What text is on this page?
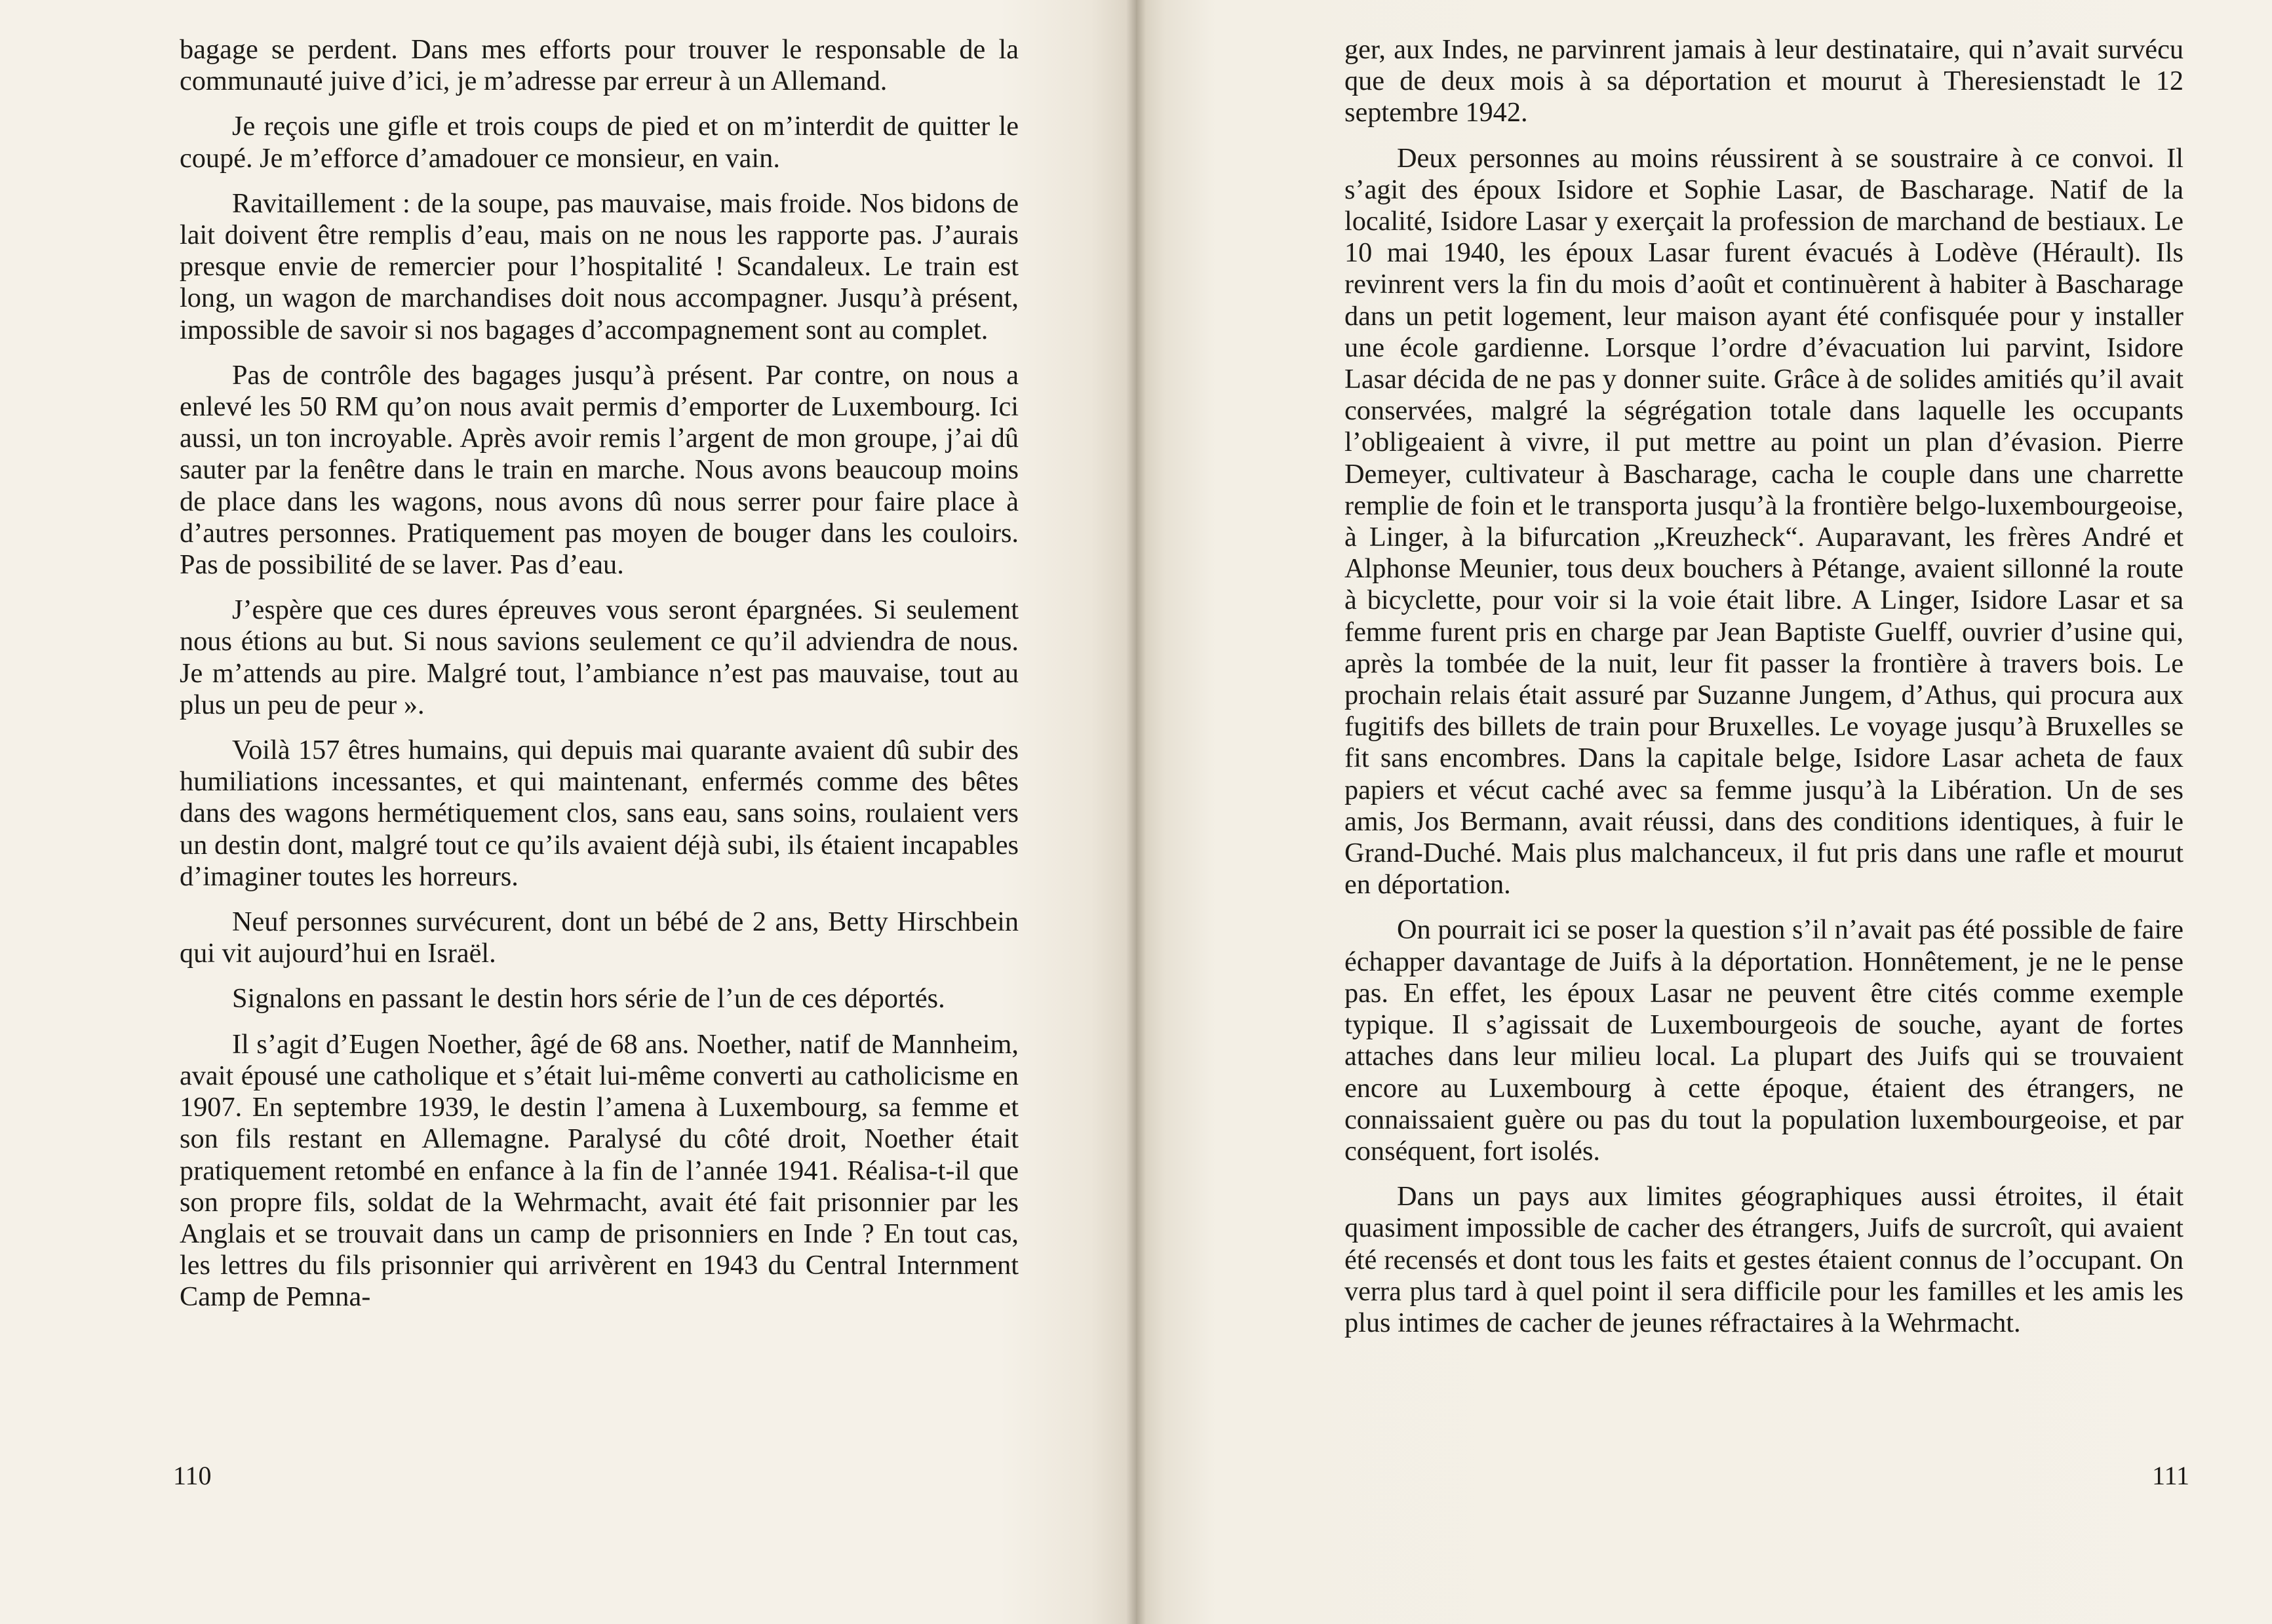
bagage se perdent. Dans mes efforts pour trouver le responsable de la communauté juive d’ici, je m’adresse par erreur à un Allemand.

Je reçois une gifle et trois coups de pied et on m’interdit de quitter le coupé. Je m’efforce d’amadouer ce monsieur, en vain.

Ravitaillement : de la soupe, pas mauvaise, mais froide. Nos bidons de lait doivent être remplis d’eau, mais on ne nous les rapporte pas. J’aurais presque envie de remercier pour l’hospitalité ! Scandaleux. Le train est long, un wagon de marchandises doit nous accompagner. Jusqu’à présent, impossible de savoir si nos bagages d’accompagnement sont au complet.

Pas de contrôle des bagages jusqu’à présent. Par contre, on nous a enlevé les 50 RM qu’on nous avait permis d’emporter de Luxembourg. Ici aussi, un ton incroyable. Après avoir remis l’argent de mon groupe, j’ai dû sauter par la fenêtre dans le train en marche. Nous avons beaucoup moins de place dans les wagons, nous avons dû nous serrer pour faire place à d’autres personnes. Pratiquement pas moyen de bouger dans les couloirs. Pas de possibilité de se laver. Pas d’eau.

J’espère que ces dures épreuves vous seront épargnées. Si seulement nous étions au but. Si nous savions seulement ce qu’il adviendra de nous. Je m’attends au pire. Malgré tout, l’ambiance n’est pas mauvaise, tout au plus un peu de peur ».

Voilà 157 êtres humains, qui depuis mai quarante avaient dû subir des humiliations incessantes, et qui maintenant, enfermés comme des bêtes dans des wagons hermétiquement clos, sans eau, sans soins, roulaient vers un destin dont, malgré tout ce qu’ils avaient déjà subi, ils étaient incapables d’imaginer toutes les horreurs.

Neuf personnes survécurent, dont un bébé de 2 ans, Betty Hirschbein qui vit aujourd’hui en Israël.

Signalons en passant le destin hors série de l’un de ces déportés.

Il s’agit d’Eugen Noether, âgé de 68 ans. Noether, natif de Mannheim, avait épousé une catholique et s’était lui-même converti au catholicisme en 1907. En septembre 1939, le destin l’amena à Luxembourg, sa femme et son fils restant en Allemagne. Paralysé du côté droit, Noether était pratiquement retombé en enfance à la fin de l’année 1941. Réalisa-t-il que son propre fils, soldat de la Wehrmacht, avait été fait prisonnier par les Anglais et se trouvait dans un camp de prisonniers en Inde ? En tout cas, les lettres du fils prisonnier qui arrivèrent en 1943 du Central Internment Camp de Pemna-

110

ger, aux Indes, ne parvinrent jamais à leur destinataire, qui n’avait survécu que de deux mois à sa déportation et mourut à Theresienstadt le 12 septembre 1942.

Deux personnes au moins réussirent à se soustraire à ce convoi. Il s’agit des époux Isidore et Sophie Lasar, de Bascharage. Natif de la localité, Isidore Lasar y exerçait la profession de marchand de bestiaux. Le 10 mai 1940, les époux Lasar furent évacués à Lodève (Hérault). Ils revinrent vers la fin du mois d’août et continuèrent à habiter à Bascharage dans un petit logement, leur maison ayant été confisquée pour y installer une école gardienne. Lorsque l’ordre d’évacuation lui parvint, Isidore Lasar décida de ne pas y donner suite. Grâce à de solides amitiés qu’il avait conservées, malgré la ségrégation totale dans laquelle les occupants l’obligeaient à vivre, il put mettre au point un plan d’évasion. Pierre Demeyer, cultivateur à Bascharage, cacha le couple dans une charrette remplie de foin et le transporta jusqu’à la frontière belgo-luxembourgeoise, à Linger, à la bifurcation „Kreuzheck“. Auparavant, les frères André et Alphonse Meunier, tous deux bouchers à Pétange, avaient sillonné la route à bicyclette, pour voir si la voie était libre. A Linger, Isidore Lasar et sa femme furent pris en charge par Jean Baptiste Guelff, ouvrier d’usine qui, après la tombée de la nuit, leur fit passer la frontière à travers bois. Le prochain relais était assuré par Suzanne Jungem, d’Athus, qui procura aux fugitifs des billets de train pour Bruxelles. Le voyage jusqu’à Bruxelles se fit sans encombres. Dans la capitale belge, Isidore Lasar acheta de faux papiers et vécut caché avec sa femme jusqu’à la Libération. Un de ses amis, Jos Bermann, avait réussi, dans des conditions identiques, à fuir le Grand-Duché. Mais plus malchanceux, il fut pris dans une rafle et mourut en déportation.

On pourrait ici se poser la question s’il n’avait pas été possible de faire échapper davantage de Juifs à la déportation. Honnêtement, je ne le pense pas. En effet, les époux Lasar ne peuvent être cités comme exemple typique. Il s’agissait de Luxembourgeois de souche, ayant de fortes attaches dans leur milieu local. La plupart des Juifs qui se trouvaient encore au Luxembourg à cette époque, étaient des étrangers, ne connaissaient guère ou pas du tout la population luxembourgeoise, et par conséquent, fort isolés.

Dans un pays aux limites géographiques aussi étroites, il était quasiment impossible de cacher des étrangers, Juifs de surcroît, qui avaient été recensés et dont tous les faits et gestes étaient connus de l’occupant. On verra plus tard à quel point il sera difficile pour les familles et les amis les plus intimes de cacher de jeunes réfractaires à la Wehrmacht.

111
